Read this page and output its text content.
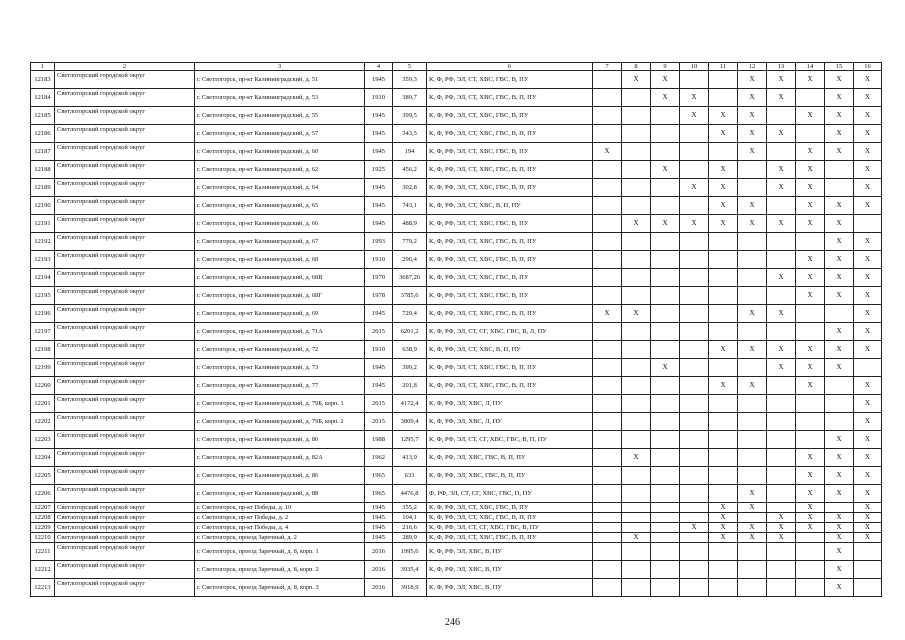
1	2	3	4	5	6	7	8	9	10	11	12	13	14	15	16
12183	Светлогорский городской округ	г. Светлогорск, пр-кт Калининградский, д. 51	1945	359,3	К, Ф, РФ, ЭЛ, СТ, ХВС, ГВС, В, ПУ		X	X			X	X	X	X	X
12184	Светлогорский городской округ	г. Светлогорск, пр-кт Калининградский, д. 53	1910	389,7	К, Ф, РФ, ЭЛ, СТ, ХВС, ГВС, В, П, ПУ			X	X		X	X		X	X
12185	Светлогорский городской округ	г. Светлогорск, пр-кт Калининградский, д. 55	1945	399,5	К, Ф, РФ, ЭЛ, СТ, ХВС, ГВС, В, ПУ				X	X	X		X	X	X
12186	Светлогорский городской округ	г. Светлогорск, пр-кт Калининградский, д. 57	1945	343,5	К, Ф, РФ, ЭЛ, СТ, ХВС, ГВС, В, П, ПУ					X	X	X		X	X
12187	Светлогорский городской округ	г. Светлогорск, пр-кт Калининградский, д. 60	1945	194	К, Ф, РФ, ЭЛ, СТ, ХВС, ГВС, В, ПУ	X					X		X	X	X
12188	Светлогорский городской округ	г. Светлогорск, пр-кт Калининградский, д. 62	1925	456,2	К, Ф, РФ, ЭЛ, СТ, ХВС, ГВС, В, П, ПУ			X		X		X	X		X
12189	Светлогорский городской округ	г. Светлогорск, пр-кт Калининградский, д. 64	1945	302,8	К, Ф, РФ, ЭЛ, СТ, ХВС, ГВС, В, П, ПУ				X	X		X	X		X
12190	Светлогорский городской округ	г. Светлогорск, пр-кт Калининградский, д. 65	1945	743,1	К, Ф, РФ, ЭЛ, СТ, ХВС, В, П, ПУ					X	X		X	X	X
12191	Светлогорский городской округ	г. Светлогорск, пр-кт Калининградский, д. 66	1945	488,9	К, Ф, РФ, ЭЛ, СТ, ХВС, ГВС, В, ПУ		X	X	X	X	X	X	X	X	
12192	Светлогорский городской округ	г. Светлогорск, пр-кт Калининградский, д. 67	1993	779,2	К, Ф, РФ, ЭЛ, СТ, ХВС, ГВС, В, П, ПУ									X	X
12193	Светлогорский городской округ	г. Светлогорск, пр-кт Калининградский, д. 68	1910	296,4	К, Ф, РФ, ЭЛ, СТ, ХВС, ГВС, В, П, ПУ								X	X	X
12194	Светлогорский городской округ	г. Светлогорск, пр-кт Калининградский, д. 68В	1970	3687,26	К, Ф, РФ, ЭЛ, СТ, ХВС, ГВС, В, ПУ							X	X	X	X
12195	Светлогорский городской округ	г. Светлогорск, пр-кт Калининградский, д. 68Г	1978	3785,6	К, Ф, РФ, ЭЛ, СТ, ХВС, ГВС, В, ПУ								X	X	X
12196	Светлогорский городской округ	г. Светлогорск, пр-кт Калининградский, д. 69	1945	729,4	К, Ф, РФ, ЭЛ, СТ, ХВС, ГВС, В, П, ПУ	X	X				X	X			X
12197	Светлогорский городской округ	г. Светлогорск, пр-кт Калининградский, д. 71А	2015	6201,2	К, Ф, РФ, ЭЛ, СТ, СГ, ХВС, ГВС, В, Л, ПУ									X	X
12198	Светлогорский городской округ	г. Светлогорск, пр-кт Калининградский, д. 72	1910	638,9	К, Ф, РФ, ЭЛ, СТ, ХВС, В, П, ПУ					X	X	X	X	X	X
12199	Светлогорский городской округ	г. Светлогорск, пр-кт Калининградский, д. 73	1945	399,2	К, Ф, РФ, ЭЛ, СТ, ХВС, ГВС, В, П, ПУ			X				X	X	X	
12200	Светлогорский городской округ	г. Светлогорск, пр-кт Калининградский, д. 77	1945	201,8	К, Ф, РФ, ЭЛ, СТ, ХВС, ГВС, В, П, ПУ					X	X		X		X
12201	Светлогорский городской округ	г. Светлогорск, пр-кт Калининградский, д. 79Б, корп. 1	2015	4172,4	К, Ф, РФ, ЭЛ, ХВС, Л, ПУ										X
12202	Светлогорский городской округ	г. Светлогорск, пр-кт Калининградский, д. 79Б, корп. 2	2015	3809,4	К, Ф, РФ, ЭЛ, ХВС, Л, ПУ										X
12203	Светлогорский городской округ	г. Светлогорск, пр-кт Калининградский, д. 80	1988	1295,7	К, Ф, РФ, ЭЛ, СТ, СГ, ХВС, ГВС, В, П, ПУ									X	X
12204	Светлогорский городской округ	г. Светлогорск, пр-кт Калининградский, д. 82А	1962	413,9	К, Ф, РФ, ЭЛ, ХВС, ГВС, В, П, ПУ		X						X	X	X
12205	Светлогорский городской округ	г. Светлогорск, пр-кт Калининградский, д. 86	1965	633	К, Ф, РФ, ЭЛ, ХВС, ГВС, В, П, ПУ								X	X	X
12206	Светлогорский городской округ	г. Светлогорск, пр-кт Калининградский, д. 88	1965	4476,8	Ф, РФ, ЭЛ, СТ, СГ, ХВС, ГВС, П, ПУ						X		X	X	X
12207	Светлогорский городской округ	г. Светлогорск, пр-кт Победы, д. 10	1945	355,2	К, Ф, РФ, ЭЛ, СТ, ХВС, ГВС, В, ПУ					X	X		X		X
12208	Светлогорский городской округ	г. Светлогорск, пр-кт Победы, д. 2	1945	104,1	К, Ф, РФ, ЭЛ, СТ, ХВС, ГВС, В, П, ПУ					X		X	X	X	X
12209	Светлогорский городской округ	г. Светлогорск, пр-кт Победы, д. 4	1945	216,6	К, Ф, РФ, ЭЛ, СТ, СГ, ХВС, ГВС, В, ПУ				X	X	X	X	X	X	X
12210	Светлогорский городской округ	г. Светлогорск, проезд Заречный, д. 2	1945	289,9	К, Ф, РФ, ЭЛ, СТ, ХВС, ГВС, В, П, ПУ		X			X	X	X		X	X
12211	Светлогорский городской округ	г. Светлогорск, проезд Заречный, д. 8, корп. 1	2016	1995,6	К, Ф, РФ, ЭЛ, ХВС, В, ПУ									X	
12212	Светлогорский городской округ	г. Светлогорск, проезд Заречный, д. 8, корп. 2	2016	3935,4	К, Ф, РФ, ЭЛ, ХВС, В, ПУ									X	
12213	Светлогорский городской округ	г. Светлогорск, проезд Заречный, д. 8, корп. 3	2016	3918,9	К, Ф, РФ, ЭЛ, ХВС, В, ПУ									X	
246
